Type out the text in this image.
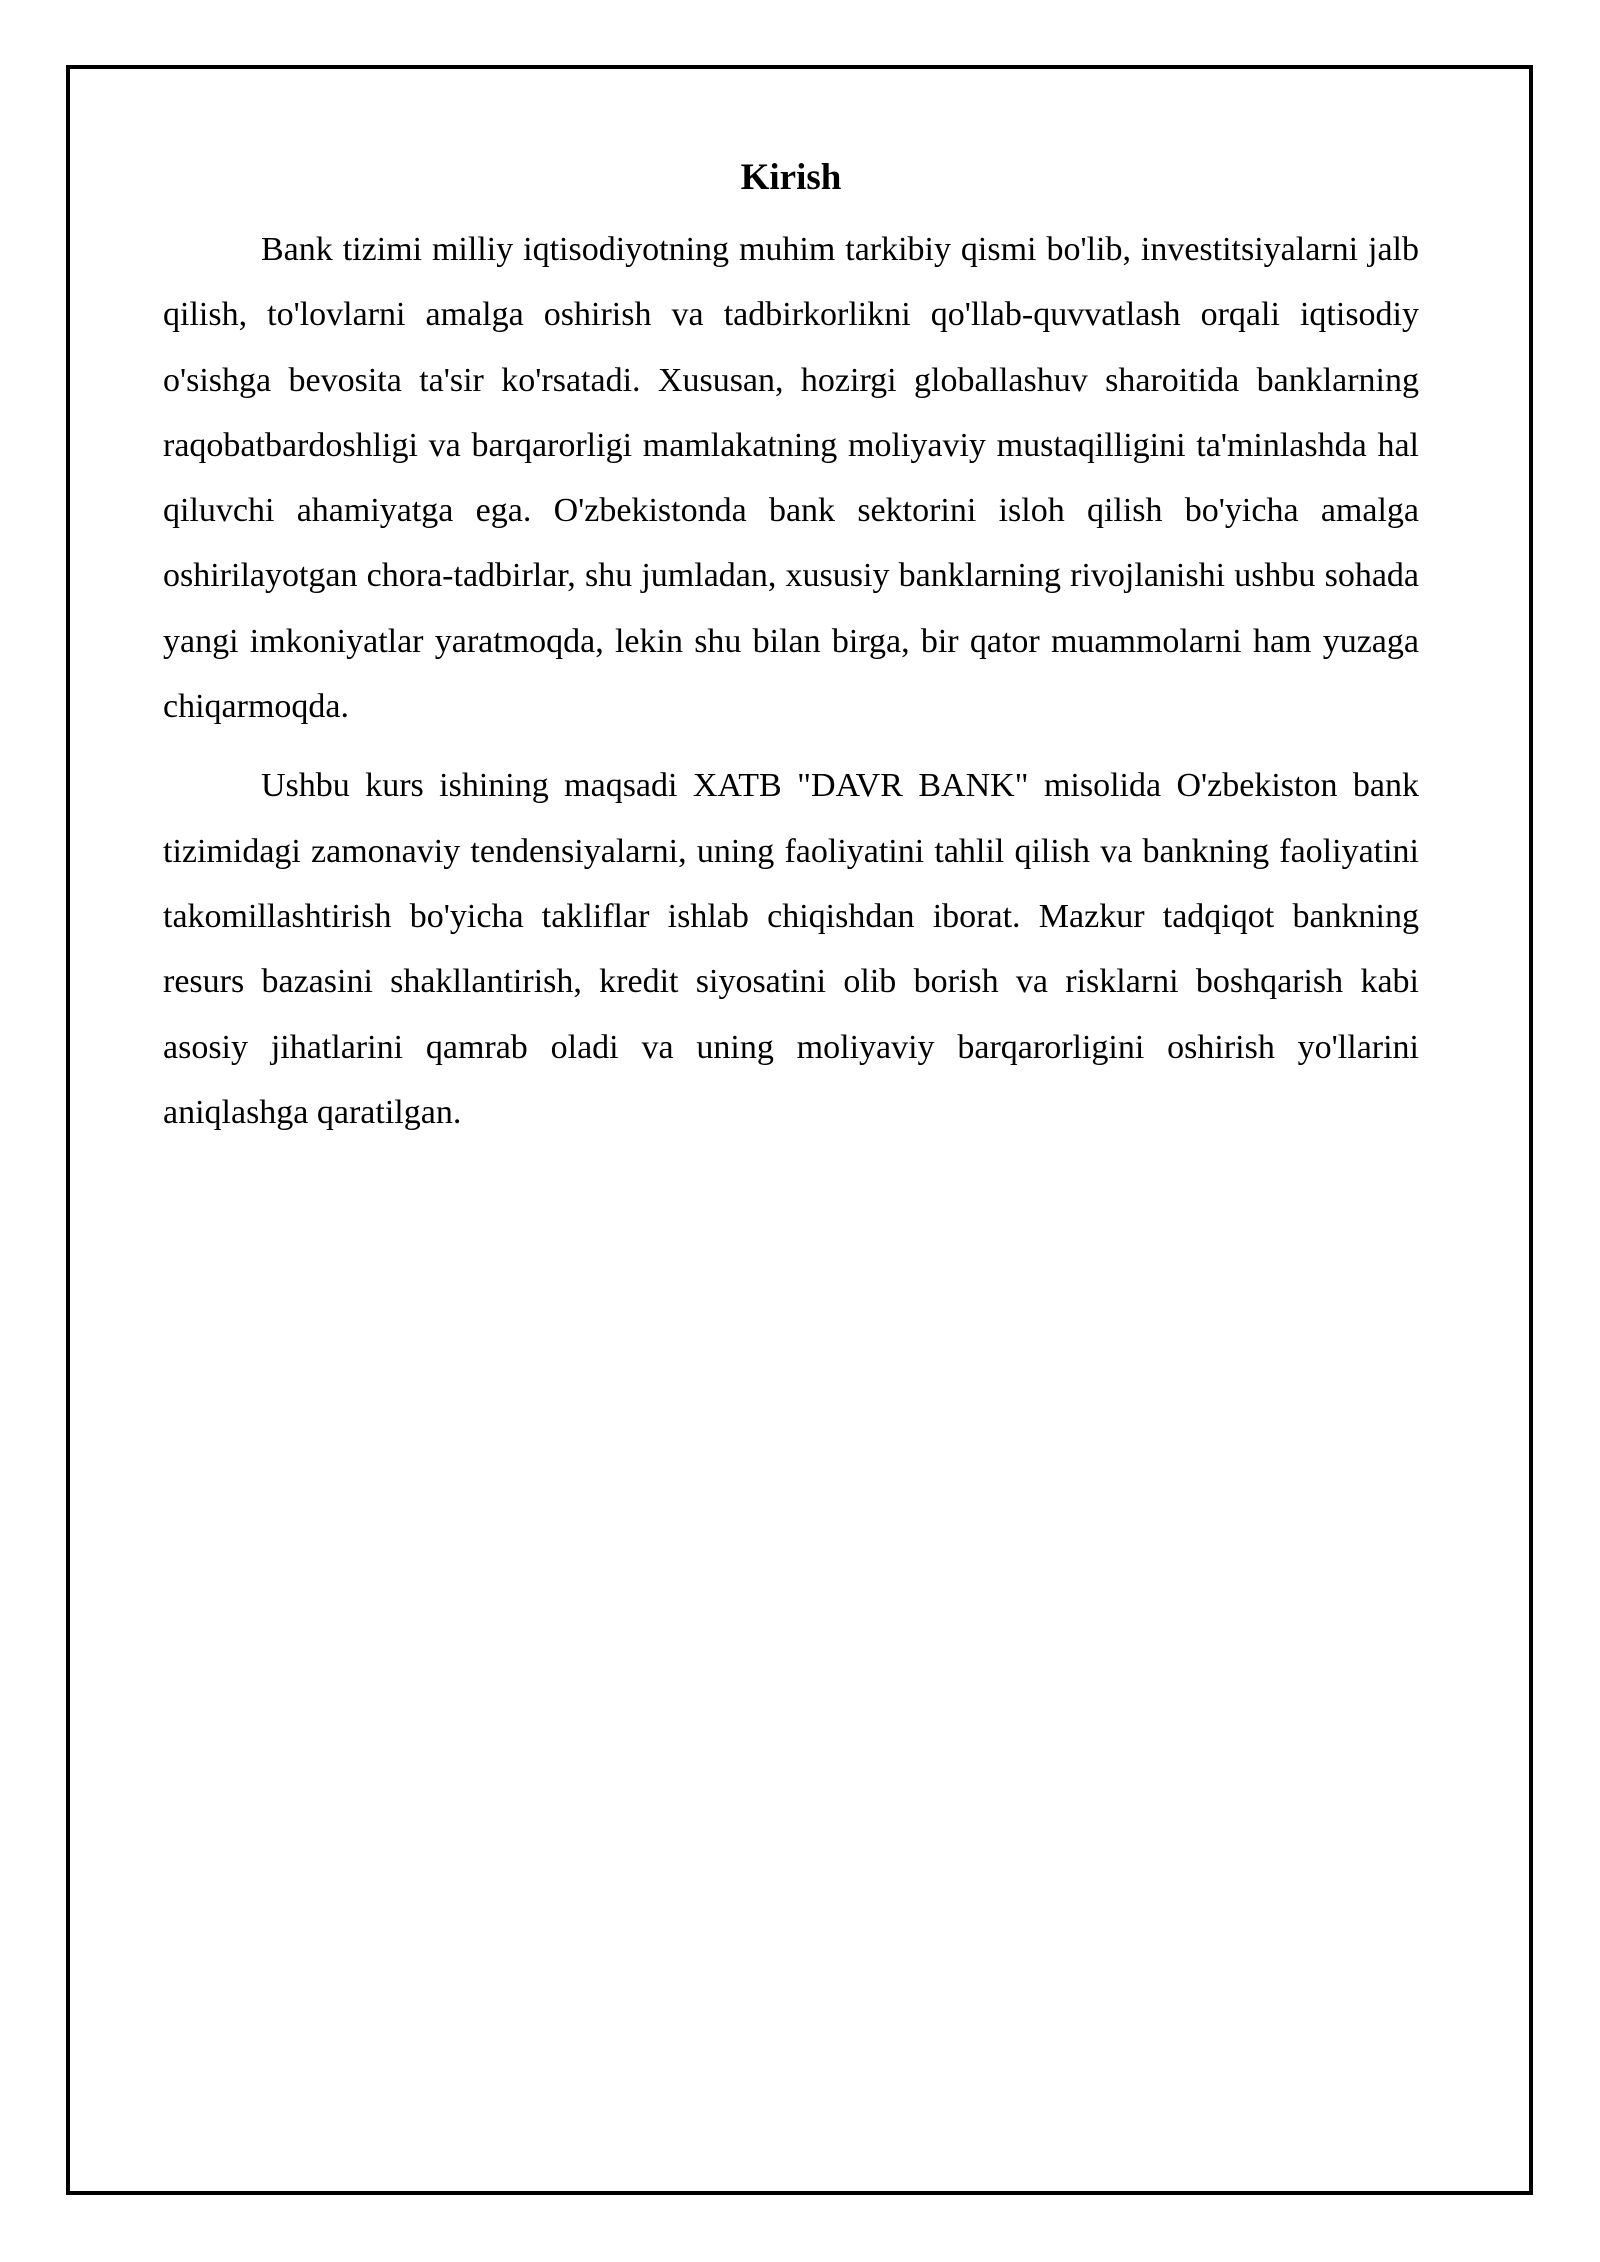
Kirish

Bank tizimi milliy iqtisodiyotning muhim tarkibiy qismi bo'lib, investitsiyalarni jalb qilish, to'lovlarni amalga oshirish va tadbirkorlikni qo'llab-quvvatlash orqali iqtisodiy o'sishga bevosita ta'sir ko'rsatadi. Xususan, hozirgi globallashuv sharoitida banklarning raqobatbardoshligi va barqarorligi mamlakatning moliyaviy mustaqilligini ta'minlashda hal qiluvchi ahamiyatga ega. O'zbekistonda bank sektorini isloh qilish bo'yicha amalga oshirilayotgan chora-tadbirlar, shu jumladan, xususiy banklarning rivojlanishi ushbu sohada yangi imkoniyatlar yaratmoqda, lekin shu bilan birga, bir qator muammolarni ham yuzaga chiqarmoqda.

Ushbu kurs ishining maqsadi XATB "DAVR BANK" misolida O'zbekiston bank tizimidagi zamonaviy tendensiyalarni, uning faoliyatini tahlil qilish va bankning faoliyatini takomillashtirish bo'yicha takliflar ishlab chiqishdan iborat. Mazkur tadqiqot bankning resurs bazasini shakllantirish, kredit siyosatini olib borish va risklarni boshqarish kabi asosiy jihatlarini qamrab oladi va uning moliyaviy barqarorligini oshirish yo'llarini aniqlashga qaratilgan.
